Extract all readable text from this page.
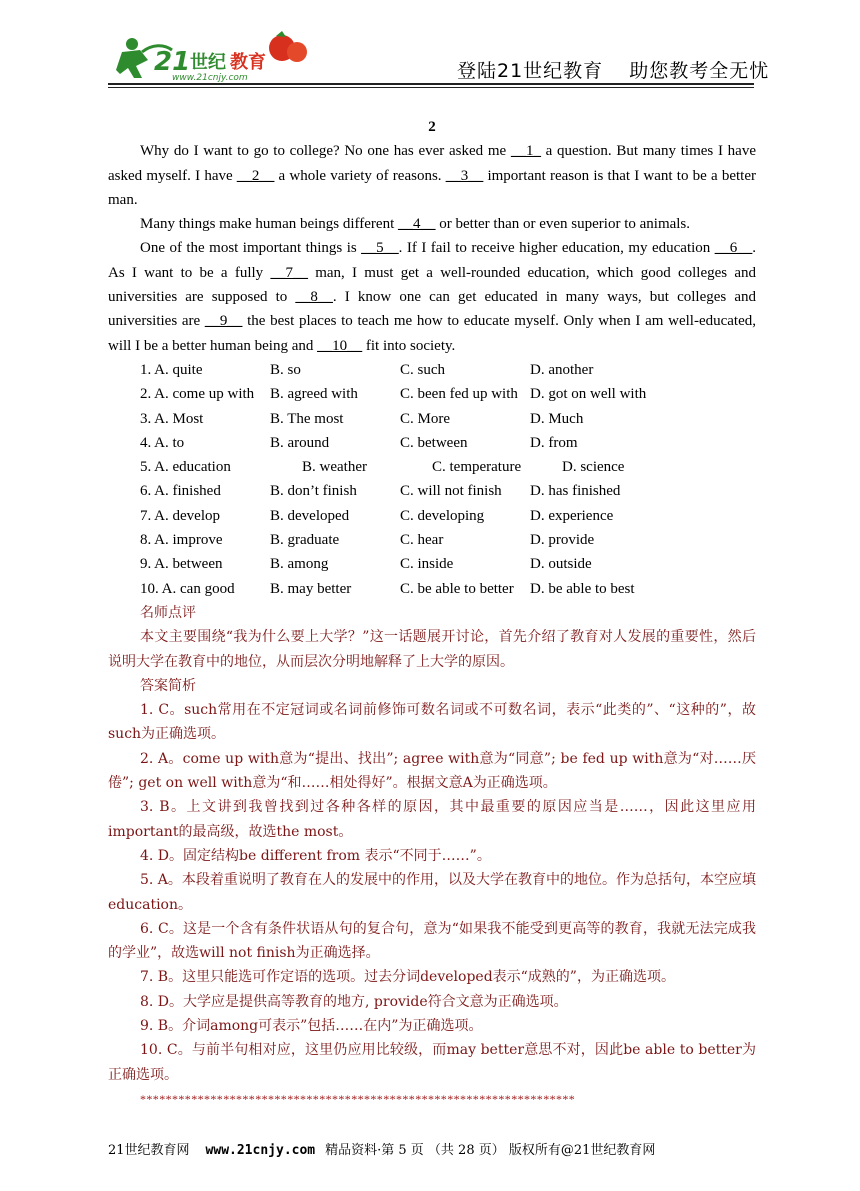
21 世纪 教育
www.21cnjy.com	登陆21世纪教育 助您教考全无忧
2

Why do I want to go to college? No one has ever asked me __1_ a question. But many times I have asked myself. I have __2__ a whole variety of reasons. __3__ important reason is that I want to be a better man.

Many things make human beings different __4__ or better than or even superior to animals.

One of the most important things is __5__. If I fail to receive higher education, my education __6__. As I want to be a fully __7__ man, I must get a well-rounded education, which good colleges and universities are supposed to __8__. I know one can get educated in many ways, but colleges and universities are __9__ the best places to teach me how to educate myself. Only when I am well-educated, will I be a better human being and __10__ fit into society.

1. A. quite	B. so	C. such	D. another
2. A. come up with	B. agreed with	C. been fed up with D. got on well with
3. A. Most	B. The most	C. More	D. Much
4. A. to	B. around	C. between	D. from
5. A. education	B. weather	C. temperature	D. science
6. A. finished	B. don’t finish	C. will not finish	D. has finished
7. A. develop	B. developed	C. developing	D. experience
8. A. improve	B. graduate	C. hear	D. provide
9. A. between	B. among	C. inside	D. outside
10. A. can good	B. may better	C. be able to better	D. be able to best

名师点评

本文主要围绕“我为什么要上大学？”这一话题展开讨论，首先介绍了教育对人发展的重要性，然后说明大学在教育中的地位，从而层次分明地解释了上大学的原因。

答案简析

1. C。such常用在不定冠词或名词前修饰可数名词或不可数名词，表示“此类的”、“这种的”，故such为正确选项。

2. A。come up with意为“提出、找出”; agree with意为“同意”; be fed up with意为“对……厌倦”; get on well with意为“和……相处得好”。根据文意A为正确选项。

3. B。上文讲到我曾找到过各种各样的原因，其中最重要的原因应当是……，因此这里应用important的最高级，故选the most。

4. D。固定结构be different from 表示“不同于……”。

5. A。本段着重说明了教育在人的发展中的作用，以及大学在教育中的地位。作为总括句，本空应填education。

6. C。这是一个含有条件状语从句的复合句，意为“如果我不能受到更高等的教育，我就无法完成我的学业”，故选will not finish为正确选择。

7. B。这里只能选可作定语的选项。过去分词developed表示“成熟的”，为正确选项。

8. D。大学应是提供高等教育的地方, provide符合文意为正确选项。

9. B。介词among可表示”包括……在内”为正确选项。

10. C。与前半句相对应，这里仍应用比较级，而may better意思不对，因此be able to better为正确选项。

********************************************************************
21世纪教育网 www.21cnjy.com 精品资料·第 5 页 （共 28 页） 版权所有@21世纪教育网
